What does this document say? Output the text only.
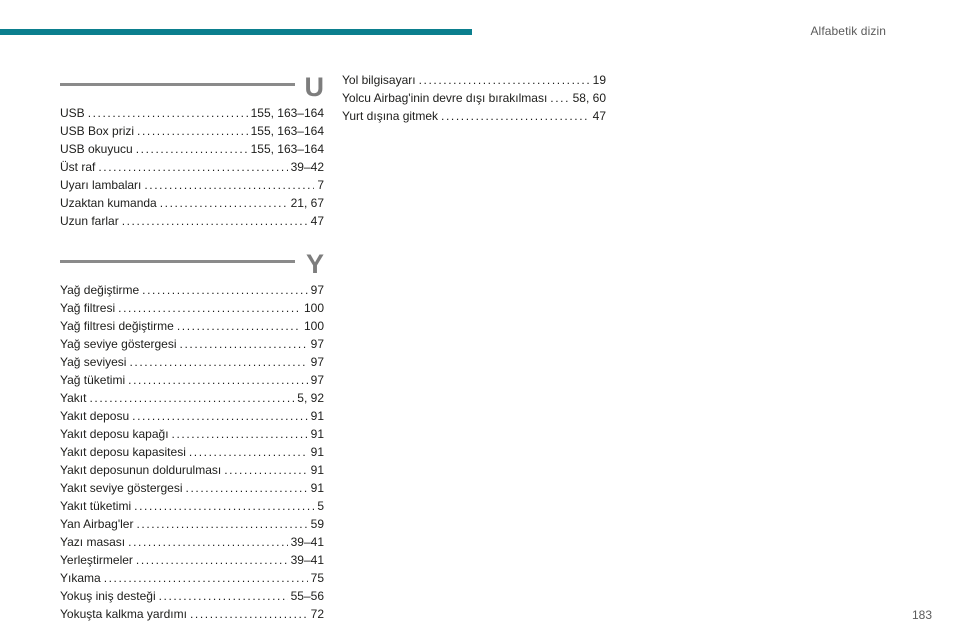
Alfabetik dizin
U
USB .....	155, 163–164
USB Box prizi .....	155, 163–164
USB okuyucu .....	155, 163–164
Üst raf .....	39–42
Uyarı lambaları .....	7
Uzaktan kumanda .....	21, 67
Uzun farlar .....	47
Y
Yağ değiştirme .....	97
Yağ filtresi .....	100
Yağ filtresi değiştirme .....	100
Yağ seviye göstergesi .....	97
Yağ seviyesi .....	97
Yağ tüketimi .....	97
Yakıt .....	5, 92
Yakıt deposu .....	91
Yakıt deposu kapağı .....	91
Yakıt deposu kapasitesi .....	91
Yakıt deposunun doldurulması .....	91
Yakıt seviye göstergesi .....	91
Yakıt tüketimi .....	5
Yan Airbag'ler .....	59
Yazı masası .....	39–41
Yerleştirmeler .....	39–41
Yıkama .....	75
Yokuş iniş desteği .....	55–56
Yokuşta kalkma yardımı .....	72
Yol bilgisayarı .....	19
Yolcu Airbag'inin devre dışı bırakılması ..... 58, 60
Yurt dışına gitmek .....	47
183
